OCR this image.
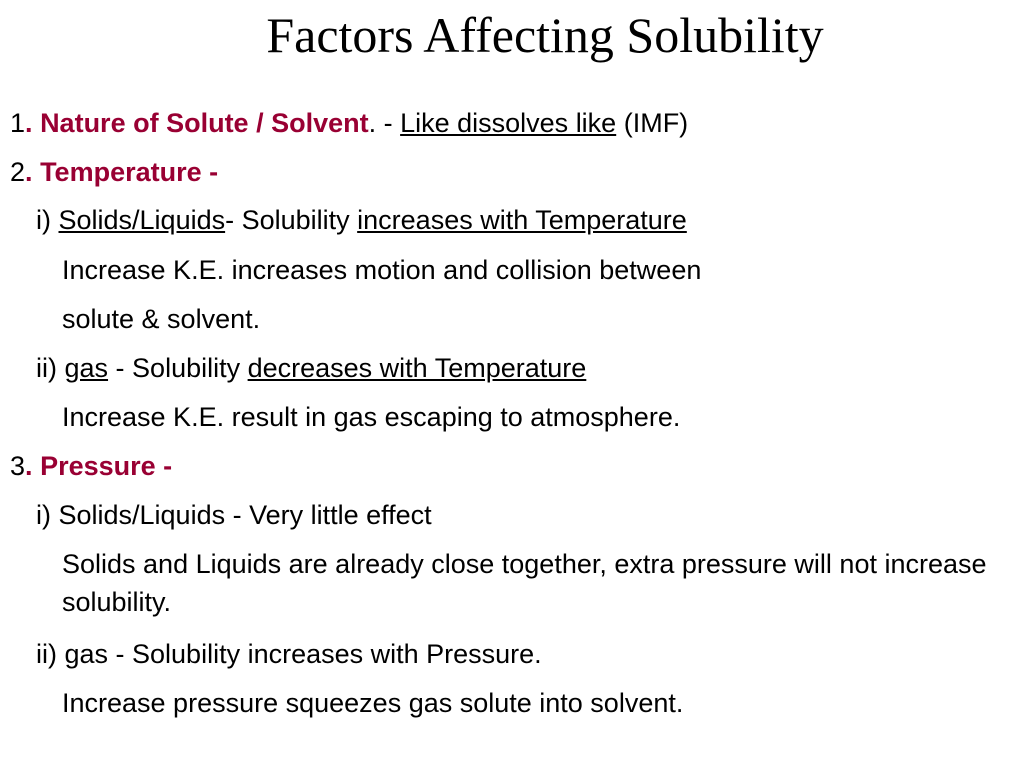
Factors Affecting Solubility
1. Nature of Solute / Solvent. - Like dissolves like (IMF)
2. Temperature -
i) Solids/Liquids- Solubility increases with Temperature
Increase K.E. increases motion and collision between
solute & solvent.
ii) gas - Solubility decreases with Temperature
Increase K.E. result in gas escaping to atmosphere.
3. Pressure -
i) Solids/Liquids - Very little effect
Solids and Liquids are already close together, extra pressure will not increase solubility.
ii) gas - Solubility increases with Pressure.
Increase pressure squeezes gas solute into solvent.
